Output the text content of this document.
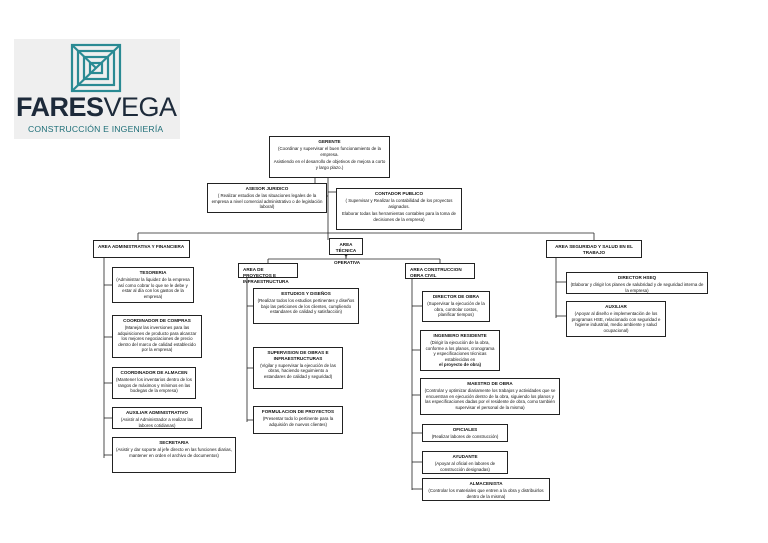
FARESVEGA
CONSTRUCCIÓN E INGENIERÍA
GERENTE
(Coordinar y supervisar el buen funcionamiento de la empresa.
Asistiendo en el desarrollo de objetivos de mejora a corto y largo plazo.)
ASESOR JURIDICO
( Realizar estudios de las situaciones legales de la empresa a nivel comercial administrativo o de legislación laboral)
CONTADOR PUBLICO
( Supervisar y Realizar la contabilidad de los proyectos asignados.
Elaborar todas las herramientas contables para la toma de decisiones de la empresa)
AREA ADMINISTRATIVA Y FINANCIERA	AREA TÉCNICA Y OPERATIVA
AREA SEGURIDAD Y SALUD EN EL TRABAJO
AREA DE PROYECTOS E INFRAESTRUCTURA
AREA CONSTRUCCION OBRA CIVIL
TESORERIA
(Administrar la liquidez de la empresa así como cobrar lo que se le debe y estar al día con los gastos de la empresa)
COORDINADOR DE COMPRAS
(Manejar las inversiones para las adquisiciones de producto para alcanzar los mejores negociaciones de precio dentro del marco de calidad establecido por la empresa)
COORDINADOR DE ALMACEN
(Mantener los inventarios dentro de los rangos de máximos y mínimos en las bodegas de la empresa)
AUXILIAR ADMINISTRATIVO
(Asistir al Administrador a realizar las labores cotidianas)
SECRETARIA
(Asistir y dar soporte al jefe directo en las funciones diarias, mantener en orden el archivo de documentos)
ESTUDIOS Y DISEÑOS
(Realizar todos los estudios pertinentes y diseños bajo las peticiones de los clientes, cumpliendo estandares de calidad y satisfacción)
SUPERVISION DE OBRAS E INFRAESTRUCTURAS
(Vigilar y supervisar la ejecución de las obras, haciendo seguimiento a estandares de calidad y seguridad)
FORMULACION DE PROYECTOS
(Presentar todo lo pertinente para la adquisión de nuevos clientes)
DIRECTOR DE OBRA
(Supervisar la ejecución de la obra, controlar costos, planificar tiempos)
INGENIERO RESIDENTE
(Dirigir la ejecución de la obra, conforme a los planos, cronograma y especificaciones técnicas establecidas en
el proyecto de obra)
MAESTRO DE OBRA
(Controlar y optimizar diariamente los trabajos y actividades que se encuentran en ejecución dentro de la obra, siguiendo los planos y las especificaciones dadas por el residente de obra, como también supervisar el personal de la misma)
OFICIALES
(Realizar labores de construcción)
AYUDANTE
(Apoyar al oficial en labores de construcción designadas)
ALMACENISTA
(Controlar los materiales que entren a la obra y distribuirlos dentro de la misma)
DIRECTOR HSEQ
(Elaborar y dirigir los planes de salubridad y de seguridad interna de la empresa)
AUXILIAR
(Apoyar al diseño e implementación de los programas HSE, relacionado con seguridad e higiene industrial, medio ambiente y salud ocupacional)
